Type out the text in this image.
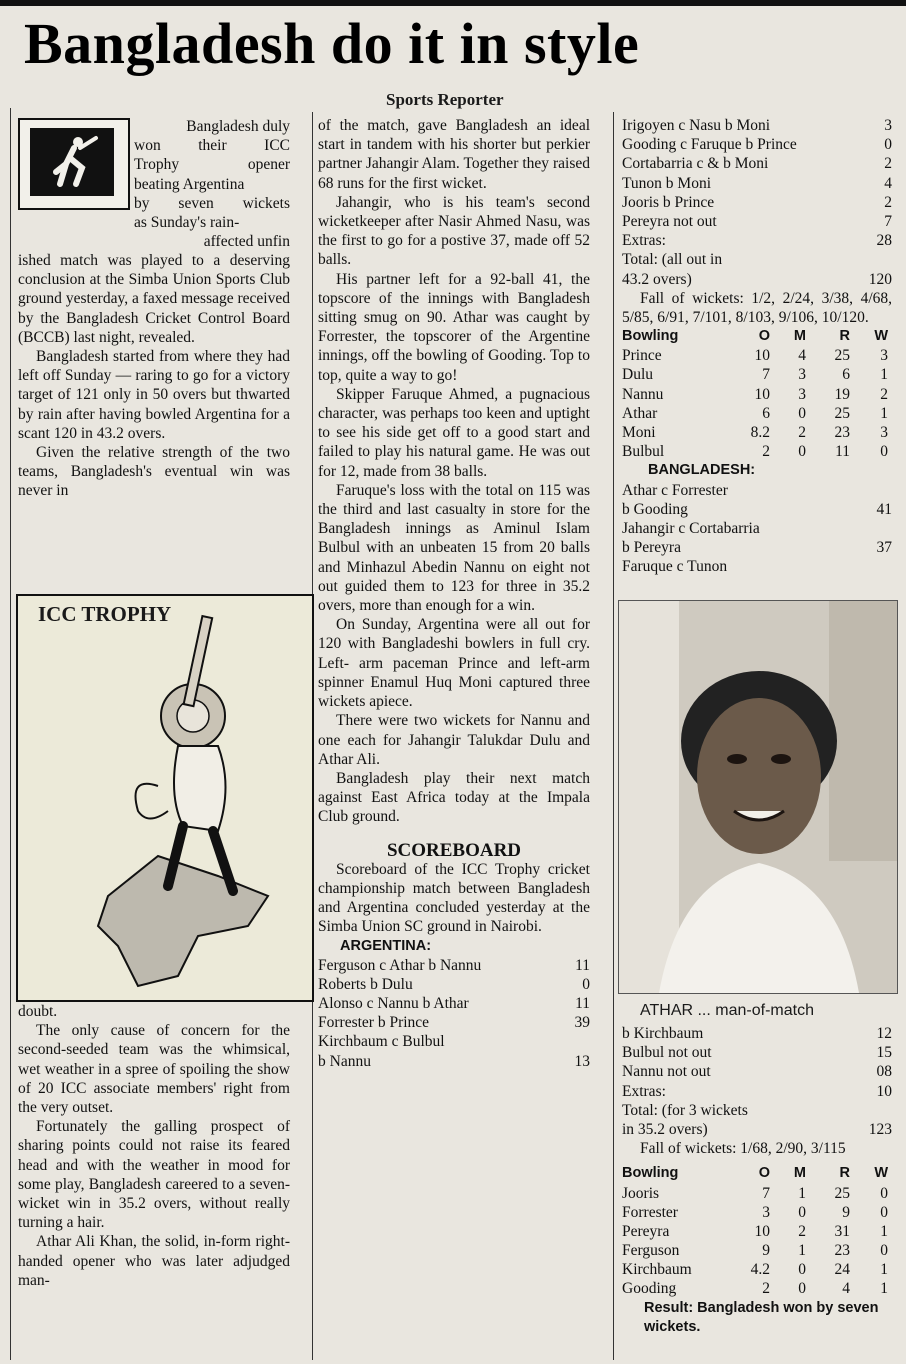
Bangladesh do it in style
Sports Reporter
Bangladesh duly
won their ICC
Trophy opener
beating Argentina
by seven wickets
as Sunday's rain-
affected unfin

ished match was played to a deserving conclusion at the Simba Union Sports Club ground yesterday, a faxed message received by the Bangladesh Cricket Control Board (BCCB) last night, revealed.

Bangladesh started from where they had left off Sunday — raring to go for a victory target of 121 only in 50 overs but thwarted by rain after having bowled Argentina for a scant 120 in 43.2 overs.

Given the relative strength of the two teams, Bangladesh's eventual win was never in

ICC TROPHY

doubt.

The only cause of concern for the second-seeded team was the whimsical, wet weather in a spree of spoiling the show of 20 ICC associate members' right from the very outset.

Fortunately the galling prospect of sharing points could not raise its feared head and with the weather in mood for some play, Bangladesh careered to a seven- wicket win in 35.2 overs, without really turning a hair.

Athar Ali Khan, the solid, in-form right-handed opener who was later adjudged man-

of the match, gave Bangladesh an ideal start in tandem with his shorter but perkier partner Jahangir Alam. Together they raised 68 runs for the first wicket.

Jahangir, who is his team's second wicketkeeper after Nasir Ahmed Nasu, was the first to go for a postive 37, made off 52 balls.

His partner left for a 92-ball 41, the topscore of the innings with Bangladesh sitting smug on 90. Athar was caught by Forrester, the topscorer of the Argentine innings, off the bowling of Gooding. Top to top, quite a way to go!

Skipper Faruque Ahmed, a pugnacious character, was perhaps too keen and uptight to see his side get off to a good start and failed to play his natural game. He was out for 12, made from 38 balls.

Faruque's loss with the total on 115 was the third and last casualty in store for the Bangladesh innings as Aminul Islam Bulbul with an unbeaten 15 from 20 balls and Minhazul Abedin Nannu on eight not out guided them to 123 for three in 35.2 overs, more than enough for a win.

On Sunday, Argentina were all out for 120 with Bangladeshi bowlers in full cry. Left- arm paceman Prince and left-arm spinner Enamul Huq Moni captured three wickets apiece.

There were two wickets for Nannu and one each for Jahangir Talukdar Dulu and Athar Ali.

Bangladesh play their next match against East Africa today at the Impala Club ground.

SCOREBOARD

Scoreboard of the ICC Trophy cricket championship match between Bangladesh and Argentina concluded yesterday at the Simba Union SC ground in Nairobi.

ARGENTINA:
Ferguson c Athar b Nannu	11
Roberts b Dulu	0
Alonso c Nannu b Athar	11
Forrester b Prince	39
Kirchbaum c Bulbul
b Nannu	13
Irigoyen c Nasu b Moni	3
Gooding c Faruque b Prince	0
Cortabarria c & b Moni	2
Tunon b Moni	4
Jooris b Prince	2
Pereyra not out	7
Extras:	28
Total: (all out in
43.2 overs)	120

Fall of wickets: 1/2, 2/24, 3/38, 4/68, 5/85, 6/91, 7/101, 8/103, 9/106, 10/120.

Bowling	O	M	R	W
Prince	10	4	25	3
Dulu	7	3	6	1
Nannu	10	3	19	2
Athar	6	0	25	1
Moni	8.2	2	23	3
Bulbul	2	0	11	0
BANGLADESH:
Athar c Forrester
b Gooding	41
Jahangir c Cortabarria
b Pereyra	37
Faruque c Tunon
ATHAR ... man-of-match
b Kirchbaum	12
Bulbul not out	15
Nannu not out	08
Extras:	10
Total: (for 3 wickets
in 35.2 overs)	123

Fall of wickets: 1/68, 2/90, 3/115

Bowling	O	M	R	W
Jooris	7	1	25	0
Forrester	3	0	9	0
Pereyra	10	2	31	1
Ferguson	9	1	23	0
Kirchbaum	4.2	0	24	1
Gooding	2	0	4	1
Result: Bangladesh won by seven wickets.
